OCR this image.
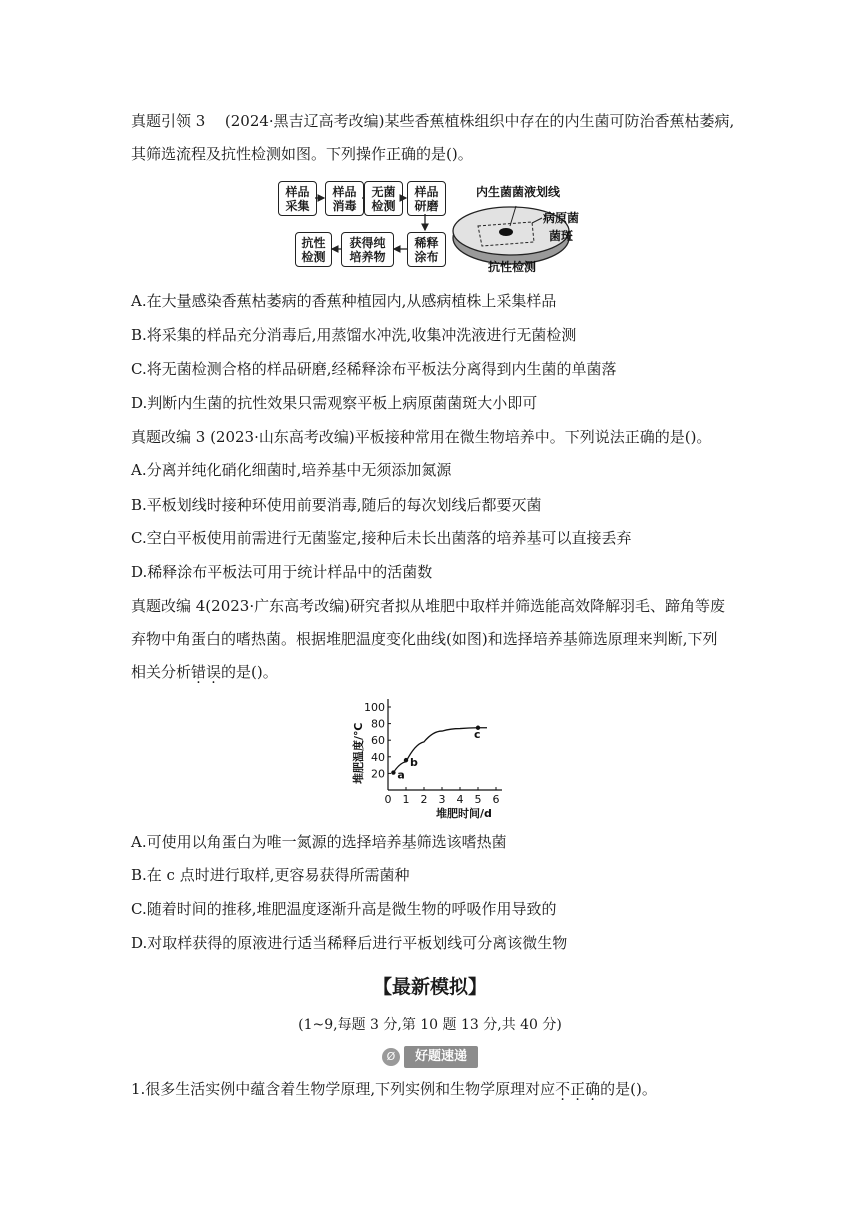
真题引领 3 (2024·黑吉辽高考改编)某些香蕉植株组织中存在的内生菌可防治香蕉枯萎病,
其筛选流程及抗性检测如图。下列操作正确的是()。
样品
采集
样品
消毒
无菌
检测
样品
研磨
稀释
涂布
获得纯
培养物
抗性
检测
内生菌菌液划线
病原菌
菌斑
抗性检测
A.在大量感染香蕉枯萎病的香蕉种植园内,从感病植株上采集样品
B.将采集的样品充分消毒后,用蒸馏水冲洗,收集冲洗液进行无菌检测
C.将无菌检测合格的样品研磨,经稀释涂布平板法分离得到内生菌的单菌落
D.判断内生菌的抗性效果只需观察平板上病原菌菌斑大小即可
真题改编 3 (2023·山东高考改编)平板接种常用在微生物培养中。下列说法正确的是()。
A.分离并纯化硝化细菌时,培养基中无须添加氮源
B.平板划线时接种环使用前要消毒,随后的每次划线后都要灭菌
C.空白平板使用前需进行无菌鉴定,接种后未长出菌落的培养基可以直接丢弃
D.稀释涂布平板法可用于统计样品中的活菌数
真题改编 4(2023·广东高考改编)研究者拟从堆肥中取样并筛选能高效降解羽毛、蹄角等废
弃物中角蛋白的嗜热菌。根据堆肥温度变化曲线(如图)和选择培养基筛选原理来判断,下列
相关分析错误的是()。
20
40
60
80
100
0 1 2 3 4 5 6
a
b
c
堆肥温度/℃
堆肥时间/d
A.可使用以角蛋白为唯一氮源的选择培养基筛选该嗜热菌
B.在 c 点时进行取样,更容易获得所需菌种
C.随着时间的推移,堆肥温度逐渐升高是微生物的呼吸作用导致的
D.对取样获得的原液进行适当稀释后进行平板划线可分离该微生物
【最新模拟】
(1~9,每题 3 分,第 10 题 13 分,共 40 分)
Ø	好题速递
1.很多生活实例中蕴含着生物学原理,下列实例和生物学原理对应不正确的是()。
